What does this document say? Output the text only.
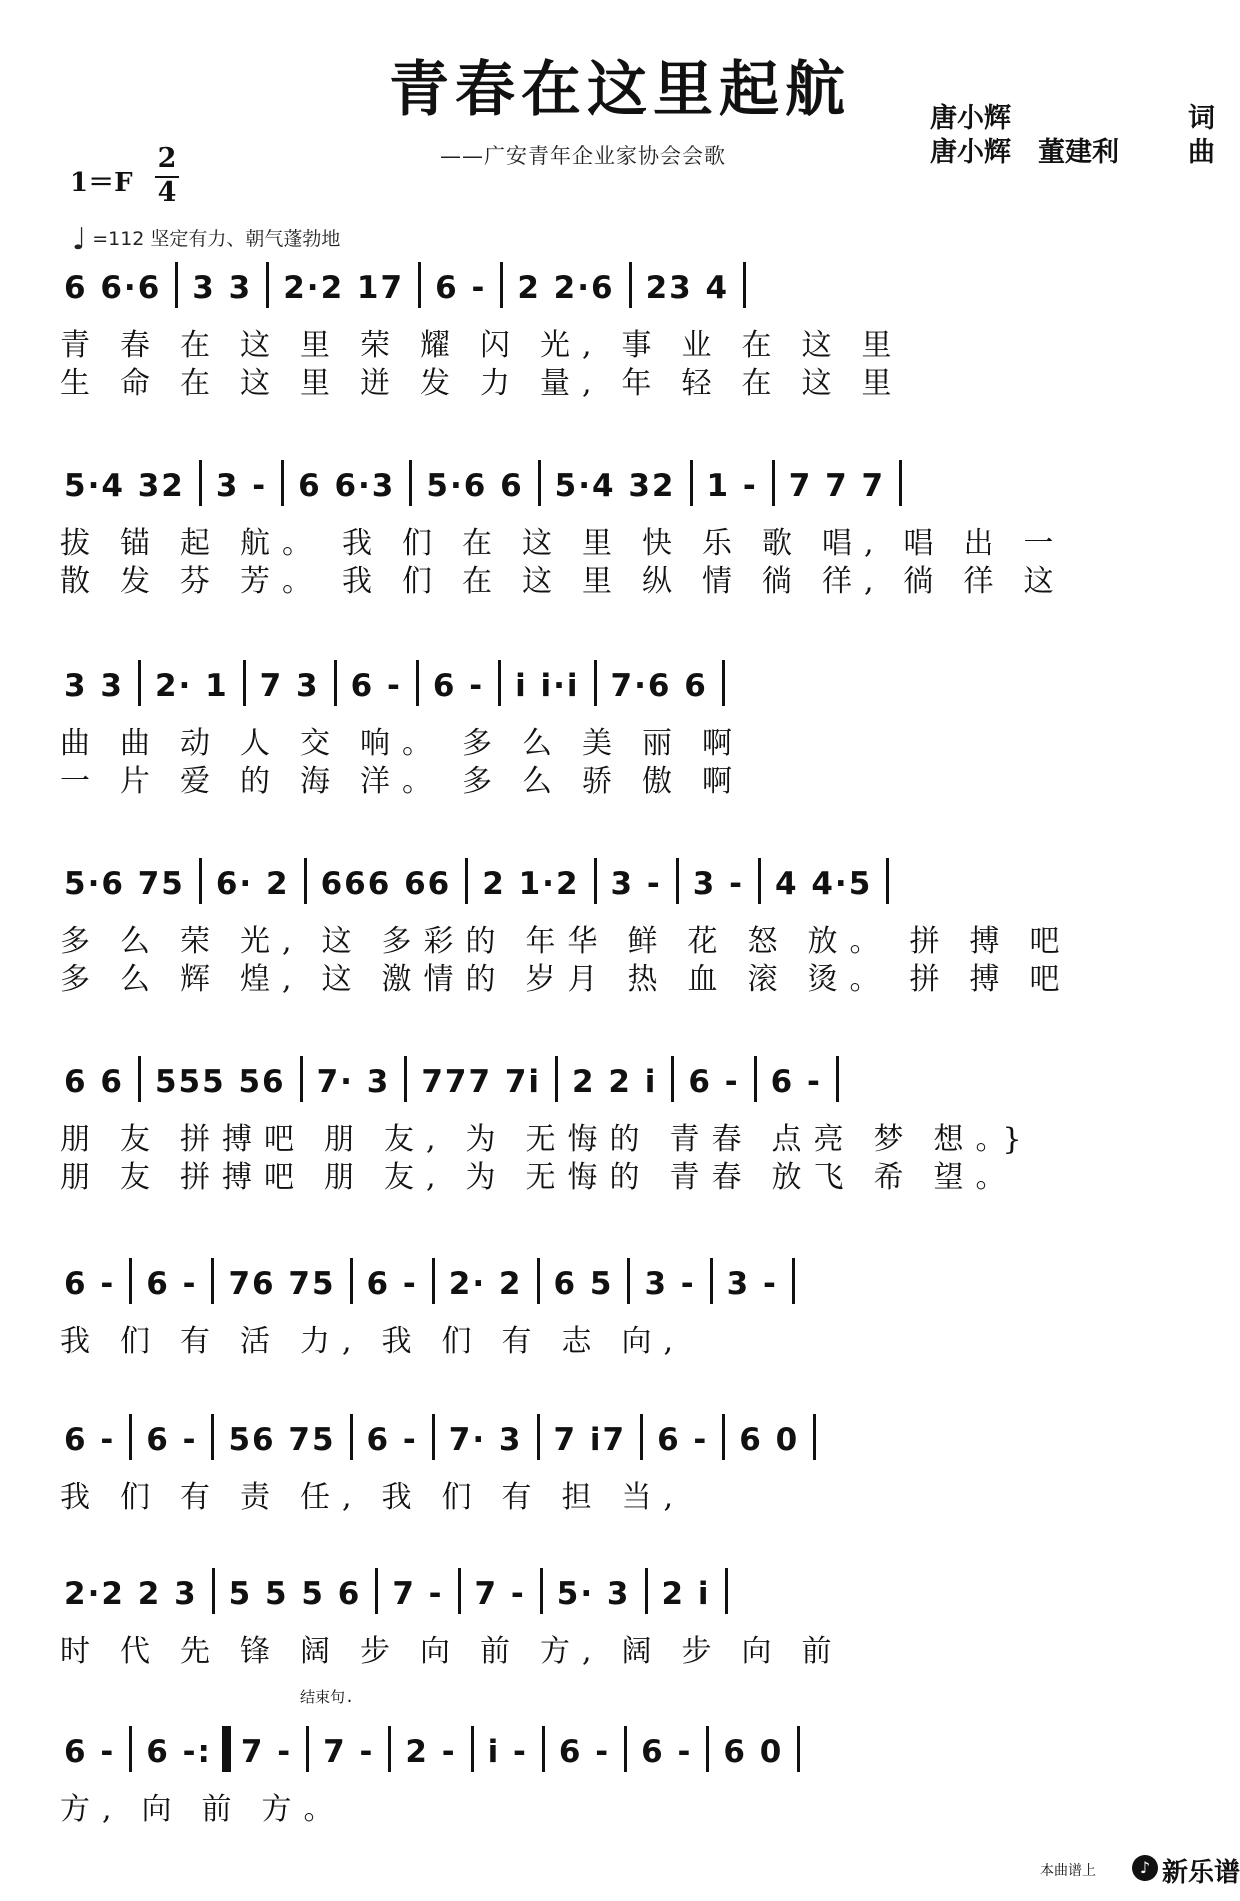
青春在这里起航
——广安青年企业家协会会歌
唐小辉	词
唐小辉　董建利	曲
1＝F
2
4
♩ =112 坚定有力、朝气蓬勃地
6 6·6 3 3 2·2 17 6 - 2 2·6 23 4
青 春 在 这 里 荣 耀 闪 光, 事 业 在 这 里
生 命 在 这 里 迸 发 力 量, 年 轻 在 这 里
5·4 32 3 - 6 6·3 5·6 6 5·4 32 1 - 7 7 7
拔 锚 起 航。 我 们 在 这 里 快 乐 歌 唱, 唱 出 一
散 发 芬 芳。 我 们 在 这 里 纵 情 徜 徉, 徜 徉 这
3 3 2· 1 7 3 6 - 6 - i i·i 7·6 6
曲 曲 动 人 交 响。 多 么 美 丽 啊
一 片 爱 的 海 洋。 多 么 骄 傲 啊
5·6 75 6· 2 666 66 2 1·2 3 - 3 - 4 4·5
多 么 荣 光, 这 多彩的 年华 鲜 花 怒 放。 拼 搏 吧
多 么 辉 煌, 这 激情的 岁月 热 血 滚 烫。 拼 搏 吧
6 6 555 56 7· 3 777 7i 2 2 i 6 - 6 -
朋 友 拼搏吧 朋 友, 为 无悔的 青春 点亮 梦 想。}
朋 友 拼搏吧 朋 友, 为 无悔的 青春 放飞 希 望。
6 - 6 - 76 75 6 - 2· 2 6 5 3 - 3 -
我 们 有 活 力, 我 们 有 志 向,
6 - 6 - 56 75 6 - 7· 3 7 i7 6 - 6 0
我 们 有 责 任, 我 们 有 担 当,
2·2 2 3 5 5 5 6 7 - 7 - 5· 3 2 i
时 代 先 锋 阔 步 向 前 方, 阔 步 向 前
结束句.
6 - 6 -: 7 - 7 - 2 - i - 6 - 6 - 6 0
方, 向 前 方。
本曲谱上	♪ 新乐谱
